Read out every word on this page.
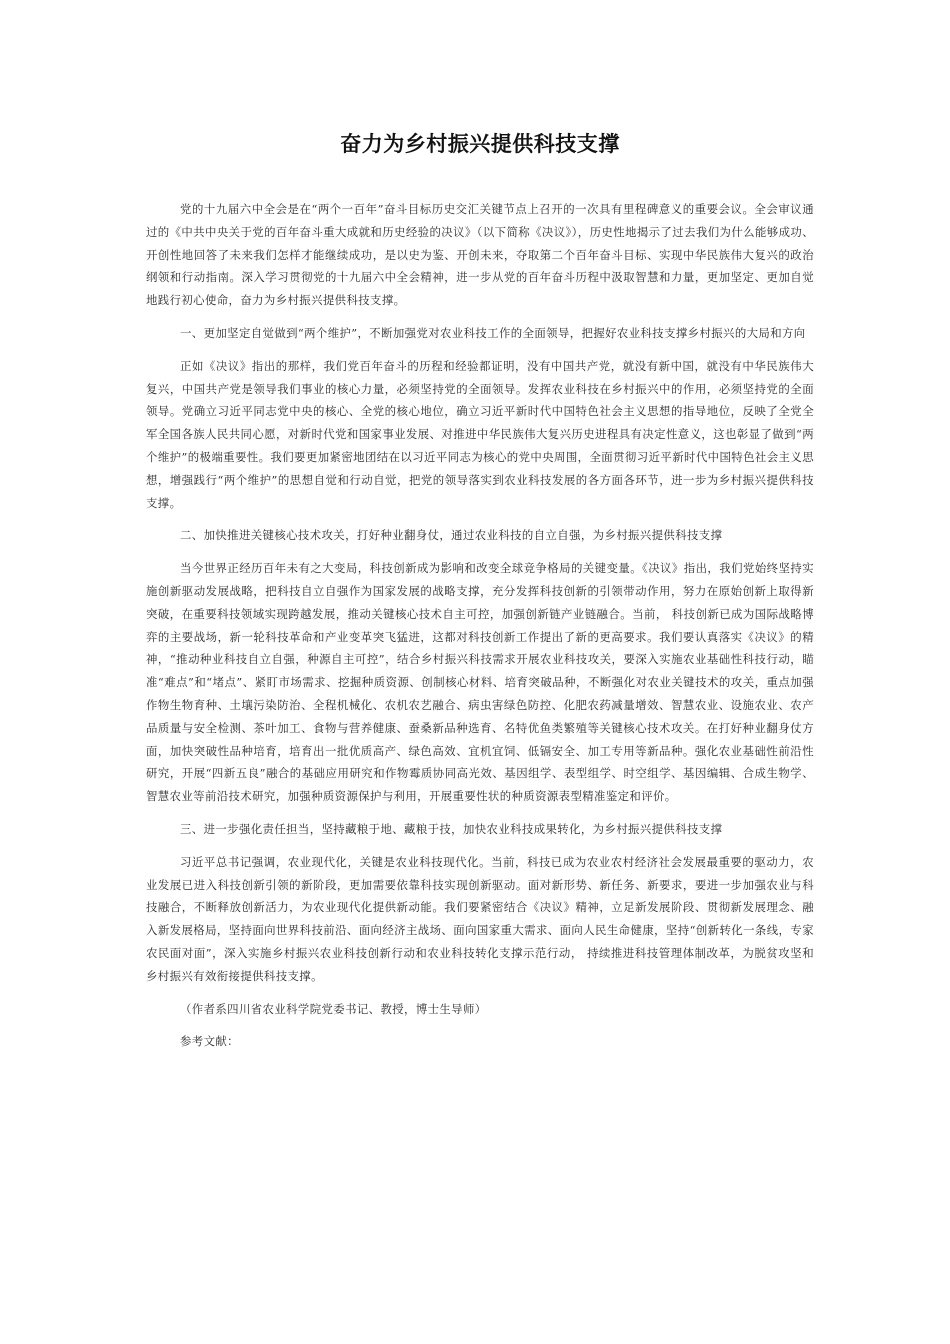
奋力为乡村振兴提供科技支撑

党的十九届六中全会是在“两个一百年”奋斗目标历史交汇关键节点上召开的一次具有里程碑意义的重要会议。全会审议通过的《中共中央关于党的百年奋斗重大成就和历史经验的决议》（以下简称《决议》），历史性地揭示了过去我们为什么能够成功、开创性地回答了未来我们怎样才能继续成功，是以史为鉴、开创未来，夺取第二个百年奋斗目标、实现中华民族伟大复兴的政治纲领和行动指南。深入学习贯彻党的十九届六中全会精神，进一步从党的百年奋斗历程中汲取智慧和力量，更加坚定、更加自觉地践行初心使命，奋力为乡村振兴提供科技支撑。

一、更加坚定自觉做到“两个维护”，不断加强党对农业科技工作的全面领导，把握好农业科技支撑乡村振兴的大局和方向

正如《决议》指出的那样，我们党百年奋斗的历程和经验都证明，没有中国共产党，就没有新中国，就没有中华民族伟大复兴，中国共产党是领导我们事业的核心力量，必须坚持党的全面领导。发挥农业科技在乡村振兴中的作用，必须坚持党的全面领导。党确立习近平同志党中央的核心、全党的核心地位，确立习近平新时代中国特色社会主义思想的指导地位，反映了全党全军全国各族人民共同心愿，对新时代党和国家事业发展、对推进中华民族伟大复兴历史进程具有决定性意义，这也彰显了做到“两个维护”的极端重要性。我们要更加紧密地团结在以习近平同志为核心的党中央周围，全面贯彻习近平新时代中国特色社会主义思想，增强践行“两个维护”的思想自觉和行动自觉，把党的领导落实到农业科技发展的各方面各环节，进一步为乡村振兴提供科技支撑。

二、加快推进关键核心技术攻关，打好种业翻身仗，通过农业科技的自立自强，为乡村振兴提供科技支撑

当今世界正经历百年未有之大变局，科技创新成为影响和改变全球竞争格局的关键变量。《决议》指出，我们党始终坚持实施创新驱动发展战略，把科技自立自强作为国家发展的战略支撑，充分发挥科技创新的引领带动作用，努力在原始创新上取得新突破，在重要科技领域实现跨越发展，推动关键核心技术自主可控，加强创新链产业链融合。当前， 科技创新已成为国际战略博弈的主要战场，新一轮科技革命和产业变革突飞猛进，这都对科技创新工作提出了新的更高要求。我们要认真落实《决议》的精神，“推动种业科技自立自强，种源自主可控”，结合乡村振兴科技需求开展农业科技攻关，要深入实施农业基础性科技行动，瞄准“难点”和“堵点”、紧盯市场需求、挖掘种质资源、创制核心材料、培育突破品种，不断强化对农业关键技术的攻关，重点加强作物生物育种、土壤污染防治、全程机械化、农机农艺融合、病虫害绿色防控、化肥农药减量增效、智慧农业、设施农业、农产品质量与安全检测、茶叶加工、食物与营养健康、蚕桑新品种选育、名特优鱼类繁殖等关键核心技术攻关。在打好种业翻身仗方面，加快突破性品种培育，培育出一批优质高产、绿色高效、宜机宜饲、低镉安全、加工专用等新品种。强化农业基础性前沿性研究，开展“四新五良”融合的基础应用研究和作物霉质协同高光效、基因组学、表型组学、时空组学、基因编辑、合成生物学、智慧农业等前沿技术研究，加强种质资源保护与利用，开展重要性状的种质资源表型精准鉴定和评价。

三、进一步强化责任担当，坚持藏粮于地、藏粮于技，加快农业科技成果转化，为乡村振兴提供科技支撑

习近平总书记强调，农业现代化，关键是农业科技现代化。当前，科技已成为农业农村经济社会发展最重要的驱动力，农业发展已进入科技创新引领的新阶段，更加需要依靠科技实现创新驱动。面对新形势、新任务、新要求，要进一步加强农业与科技融合，不断释放创新活力，为农业现代化提供新动能。我们要紧密结合《决议》精神，立足新发展阶段、贯彻新发展理念、融入新发展格局，坚持面向世界科技前沿、面向经济主战场、面向国家重大需求、面向人民生命健康，坚持“创新转化一条线，专家农民面对面”，深入实施乡村振兴农业科技创新行动和农业科技转化支撑示范行动， 持续推进科技管理体制改革，为脱贫攻坚和乡村振兴有效衔接提供科技支撑。

（作者系四川省农业科学院党委书记、教授，博士生导师）

参考文献：
